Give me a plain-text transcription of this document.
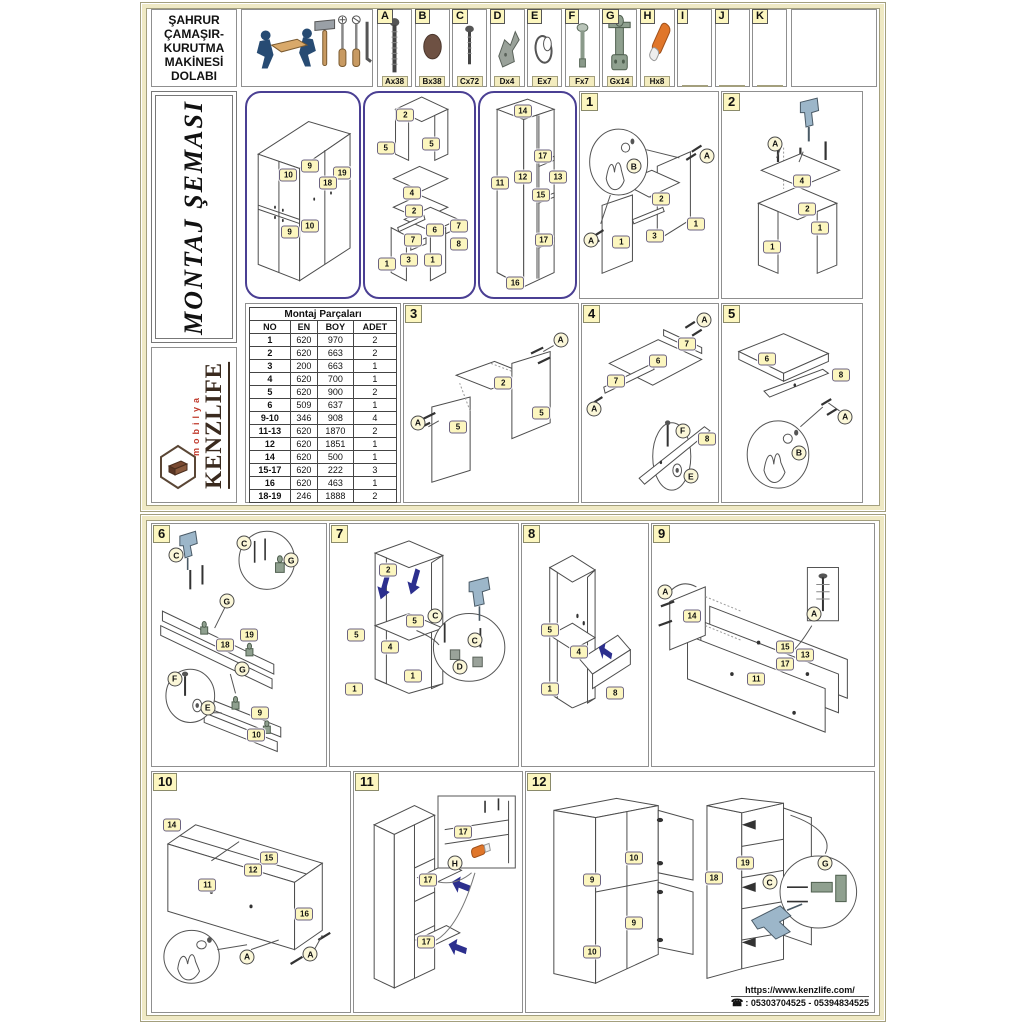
ŞAHRUR ÇAMAŞIR- KURUTMA MAKİNESİ DOLABI
A
Ax38
B
Bx38
C
Cx72
D
Dx4
E
Ex7
F
Fx7
G
Gx14
H
Hx8
I	J	K
MONTAJ ŞEMASI
mobilya KENZLIFE
10
9
19
18
9
10
2
5	5
4
2
6
7
7
8
1	3	1
14
17
11
12	13
15
17
16
1
B
A
A
2
1
3
1
2
A
4
2
1
1
Montaj Parçaları			
NO	EN	BOY	ADET
1	620	970	2
2	620	663	2
3	200	663	1
4	620	700	1
5	620	900	2
6	509	637	1
9-10	346	908	4
11-13	620	1870	2
12	620	1851	1
14	620	500	1
15-17	620	222	3
16	620	463	1
18-19	246	1888	2
3
A
A
2
5
5
4	A
7
6
7
A
F
8
E
5
6
8
A
B
6
C
C
G
G
19
18
F
E
G
9
10
7
2
5
5
4
1
1
C
C
D
8
5
4
1
8
9
A
A
14
15
13
17
11
10
14
15
12
11
16
A	A
11
17
H
17
17
12
10
9
9
10
18
19	G
C
https://www.kenzlife.com/
☎ : 05303704525 - 05394834525
